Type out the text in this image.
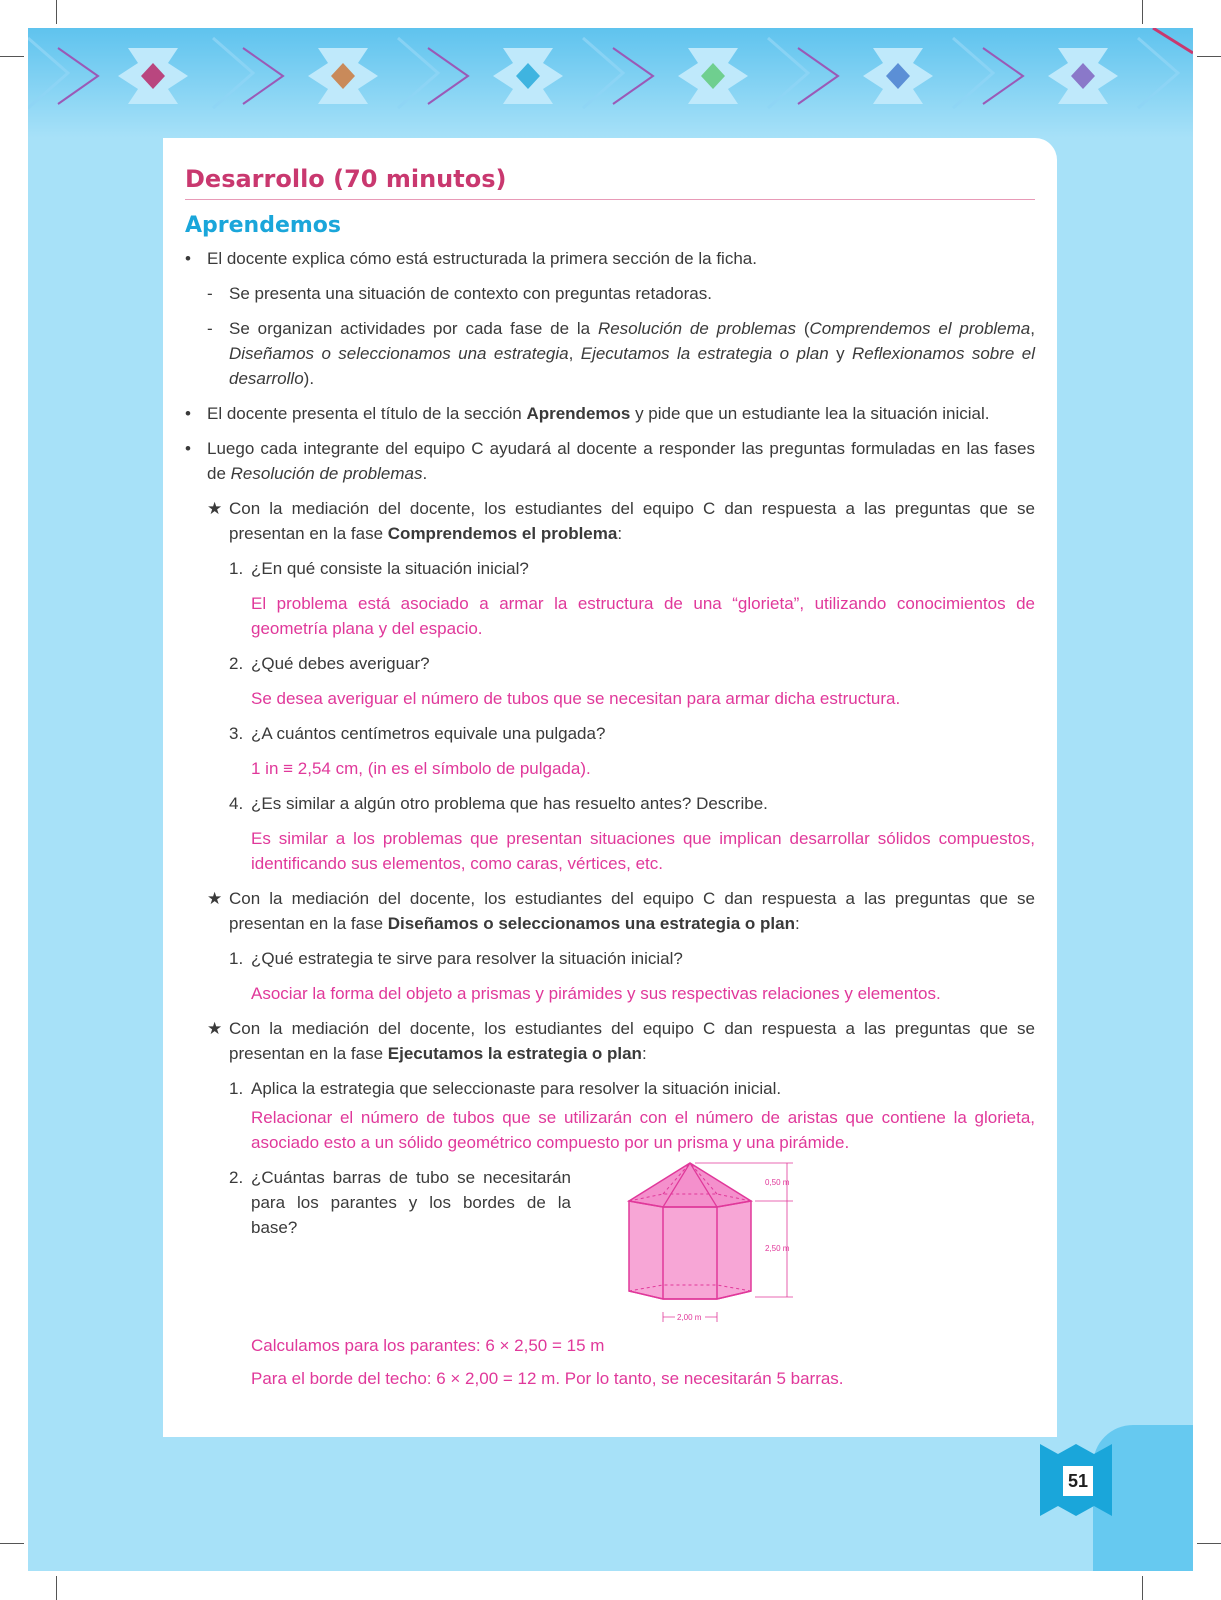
Desarrollo (70 minutos)
Aprendemos

• El docente explica cómo está estructurada la primera sección de la ficha.

- Se presenta una situación de contexto con preguntas retadoras.

- Se organizan actividades por cada fase de la Resolución de problemas (Comprendemos el problema, Diseñamos o seleccionamos una estrategia, Ejecutamos la estrategia o plan y Reflexionamos sobre el desarrollo).

• El docente presenta el título de la sección Aprendemos y pide que un estudiante lea la situación inicial.

• Luego cada integrante del equipo C ayudará al docente a responder las preguntas formuladas en las fases de Resolución de problemas.

★ Con la mediación del docente, los estudiantes del equipo C dan respuesta a las preguntas que se presentan en la fase Comprendemos el problema:

1. ¿En qué consiste la situación inicial?

El problema está asociado a armar la estructura de una “glorieta”, utilizando conocimientos de geometría plana y del espacio.

2. ¿Qué debes averiguar?

Se desea averiguar el número de tubos que se necesitan para armar dicha estructura.

3. ¿A cuántos centímetros equivale una pulgada?

1 in ≡ 2,54 cm, (in es el símbolo de pulgada).

4. ¿Es similar a algún otro problema que has resuelto antes? Describe.

Es similar a los problemas que presentan situaciones que implican desarrollar sólidos compuestos, identificando sus elementos, como caras, vértices, etc.

★ Con la mediación del docente, los estudiantes del equipo C dan respuesta a las preguntas que se presentan en la fase Diseñamos o seleccionamos una estrategia o plan:

1. ¿Qué estrategia te sirve para resolver la situación inicial?

Asociar la forma del objeto a prismas y pirámides y sus respectivas relaciones y elementos.

★ Con la mediación del docente, los estudiantes del equipo C dan respuesta a las preguntas que se presentan en la fase Ejecutamos la estrategia o plan:

1. Aplica la estrategia que seleccionaste para resolver la situación inicial.

Relacionar el número de tubos que se utilizarán con el número de aristas que contiene la glorieta, asociado esto a un sólido geométrico compuesto por un prisma y una pirámide.

2. ¿Cuántas barras de tubo se necesitarán para los parantes y los bordes de la base?

0,50 m
2,50 m
2,00 m

Calculamos para los parantes: 6 × 2,50 = 15 m

Para el borde del techo: 6 × 2,00 = 12 m. Por lo tanto, se necesitarán 5 barras.

51
